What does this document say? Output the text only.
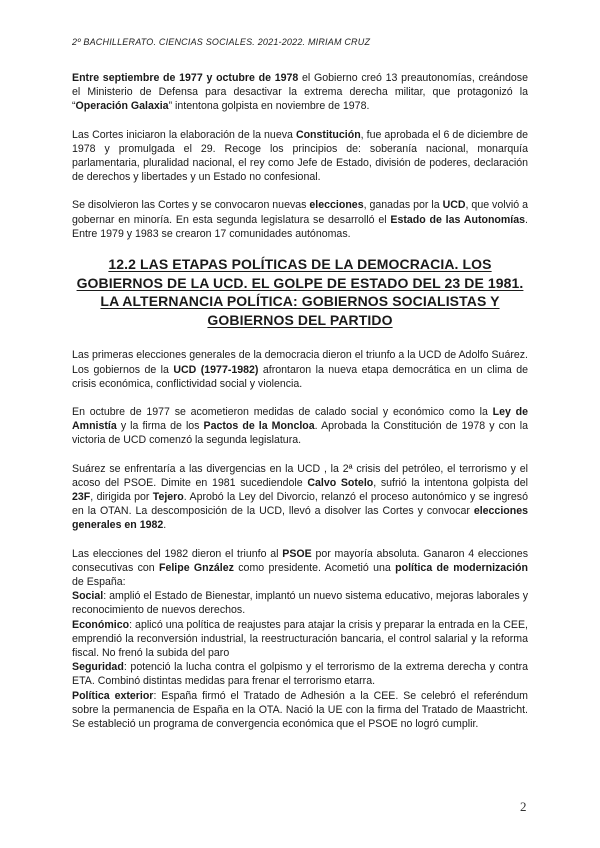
2º BACHILLERATO. CIENCIAS SOCIALES. 2021-2022. MIRIAM CRUZ

Entre septiembre de 1977 y octubre de 1978 el Gobierno creó 13 preautonomías, creándose el Ministerio de Defensa para desactivar la extrema derecha militar, que protagonizó la “Operación Galaxia” intentona golpista en noviembre de 1978.

Las Cortes iniciaron la elaboración de la nueva Constitución, fue aprobada el 6 de diciembre de 1978 y promulgada el 29. Recoge los principios de: soberanía nacional, monarquía parlamentaria, pluralidad nacional, el rey como Jefe de Estado, división de poderes, declaración de derechos y libertades y un Estado no confesional.

Se disolvieron las Cortes y se convocaron nuevas elecciones, ganadas por la UCD, que volvió a gobernar en minoría. En esta segunda legislatura se desarrolló el Estado de las Autonomías. Entre 1979 y 1983 se crearon 17 comunidades autónomas.

12.2 LAS ETAPAS POLÍTICAS DE LA DEMOCRACIA. LOS GOBIERNOS DE LA UCD. EL GOLPE DE ESTADO DEL 23 DE 1981. LA ALTERNANCIA POLÍTICA: GOBIERNOS SOCIALISTAS Y GOBIERNOS DEL PARTIDO

Las primeras elecciones generales de la democracia dieron el triunfo a la UCD de Adolfo Suárez. Los gobiernos de la UCD (1977-1982) afrontaron la nueva etapa democrática en un clima de crisis económica, conflictividad social y violencia.

En octubre de 1977 se acometieron medidas de calado social y económico como la Ley de Amnistía y la firma de los Pactos de la Moncloa. Aprobada la Constitución de 1978 y con la victoria de UCD comenzó la segunda legislatura.

Suárez se enfrentaría a las divergencias en la UCD , la 2ª crisis del petróleo, el terrorismo y el acoso del PSOE. Dimite en 1981 sucediendole Calvo Sotelo, sufrió la intentona golpista del 23F, dirigida por Tejero. Aprobó la Ley del Divorcio, relanzó el proceso autonómico y se ingresó en la OTAN. La descomposición de la UCD, llevó a disolver las Cortes y convocar elecciones generales en 1982.

Las elecciones del 1982 dieron el triunfo al PSOE por mayoría absoluta. Ganaron 4 elecciones consecutivas con Felipe Gnzález como presidente. Acometió una política de modernización de España:

Social: amplió el Estado de Bienestar, implantó un nuevo sistema educativo, mejoras laborales y reconocimiento de nuevos derechos.

Económico: aplicó una política de reajustes para atajar la crisis y preparar la entrada en la CEE, emprendió la reconversión industrial, la reestructuración bancaria, el control salarial y la reforma fiscal. No frenó la subida del paro

Seguridad: potenció la lucha contra el golpismo y el terrorismo de la extrema derecha y contra ETA. Combinó distintas medidas para frenar el terrorismo etarra.

Política exterior: España firmó el Tratado de Adhesión a la CEE. Se celebró el referéndum sobre la permanencia de España en la OTA. Nació la UE con la firma del Tratado de Maastricht. Se estableció un programa de convergencia económica que el PSOE no logró cumplir.

2
